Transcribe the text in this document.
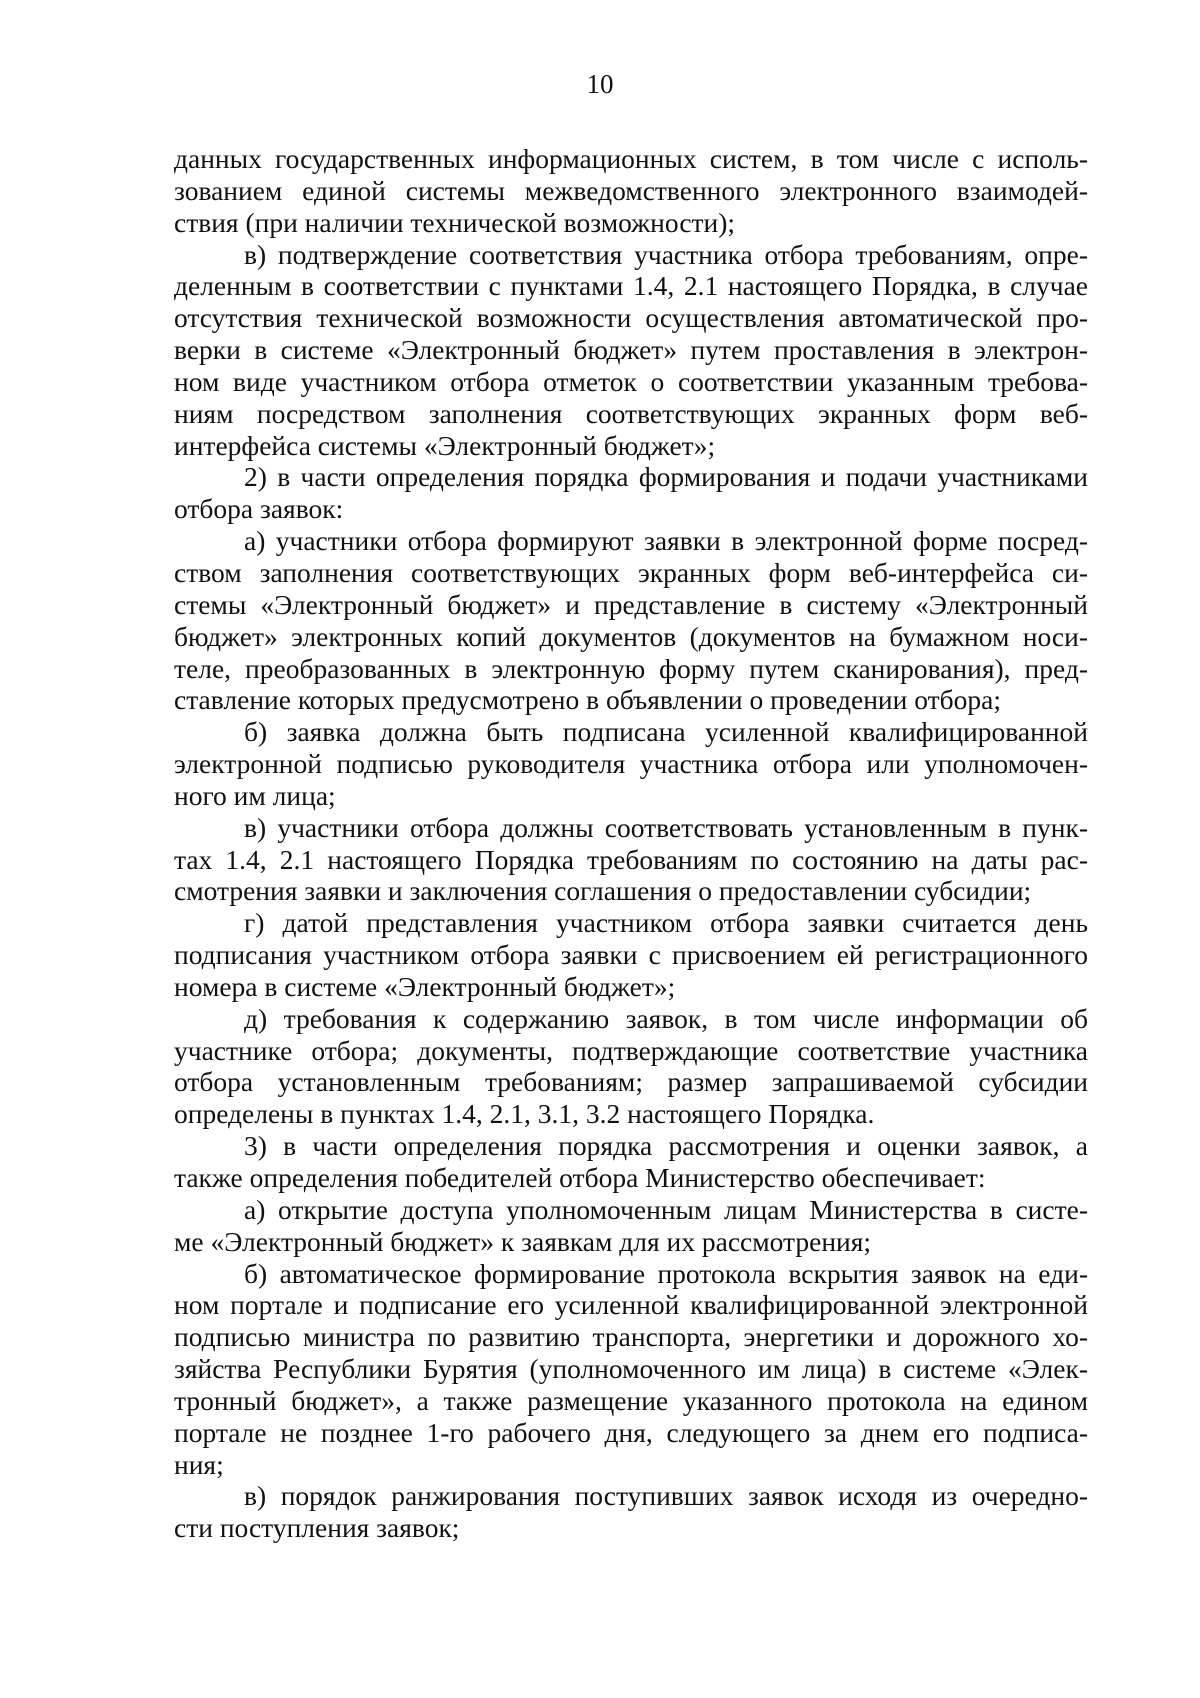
10

данных государственных информационных систем, в том числе с исполь-
зованием единой системы межведомственного электронного взаимодей-
ствия (при наличии технической возможности);

в) подтверждение соответствия участника отбора требованиям, опре-
деленным в соответствии с пунктами 1.4, 2.1 настоящего Порядка, в случае
отсутствия технической возможности осуществления автоматической про-
верки в системе «Электронный бюджет» путем проставления в электрон-
ном виде участником отбора отметок о соответствии указанным требова-
ниям посредством заполнения соответствующих экранных форм веб-
интерфейса системы «Электронный бюджет»;

2) в части определения порядка формирования и подачи участниками
отбора заявок:

а) участники отбора формируют заявки в электронной форме посред-
ством заполнения соответствующих экранных форм веб-интерфейса си-
стемы «Электронный бюджет» и представление в систему «Электронный
бюджет» электронных копий документов (документов на бумажном носи-
теле, преобразованных в электронную форму путем сканирования), пред-
ставление которых предусмотрено в объявлении о проведении отбора;

б) заявка должна быть подписана усиленной квалифицированной
электронной подписью руководителя участника отбора или уполномочен-
ного им лица;

в) участники отбора должны соответствовать установленным в пунк-
тах 1.4, 2.1 настоящего Порядка требованиям по состоянию на даты рас-
смотрения заявки и заключения соглашения о предоставлении субсидии;

г) датой представления участником отбора заявки считается день
подписания участником отбора заявки с присвоением ей регистрационного
номера в системе «Электронный бюджет»;

д) требования к содержанию заявок, в том числе информации об
участнике отбора; документы, подтверждающие соответствие участника
отбора установленным требованиям; размер запрашиваемой субсидии
определены в пунктах 1.4, 2.1, 3.1, 3.2 настоящего Порядка.

3) в части определения порядка рассмотрения и оценки заявок, а
также определения победителей отбора Министерство обеспечивает:

а) открытие доступа уполномоченным лицам Министерства в систе-
ме «Электронный бюджет» к заявкам для их рассмотрения;

б) автоматическое формирование протокола вскрытия заявок на еди-
ном портале и подписание его усиленной квалифицированной электронной
подписью министра по развитию транспорта, энергетики и дорожного хо-
зяйства Республики Бурятия (уполномоченного им лица) в системе «Элек-
тронный бюджет», а также размещение указанного протокола на едином
портале не позднее 1-го рабочего дня, следующего за днем его подписа-
ния;

в) порядок ранжирования поступивших заявок исходя из очередно-
сти поступления заявок;
